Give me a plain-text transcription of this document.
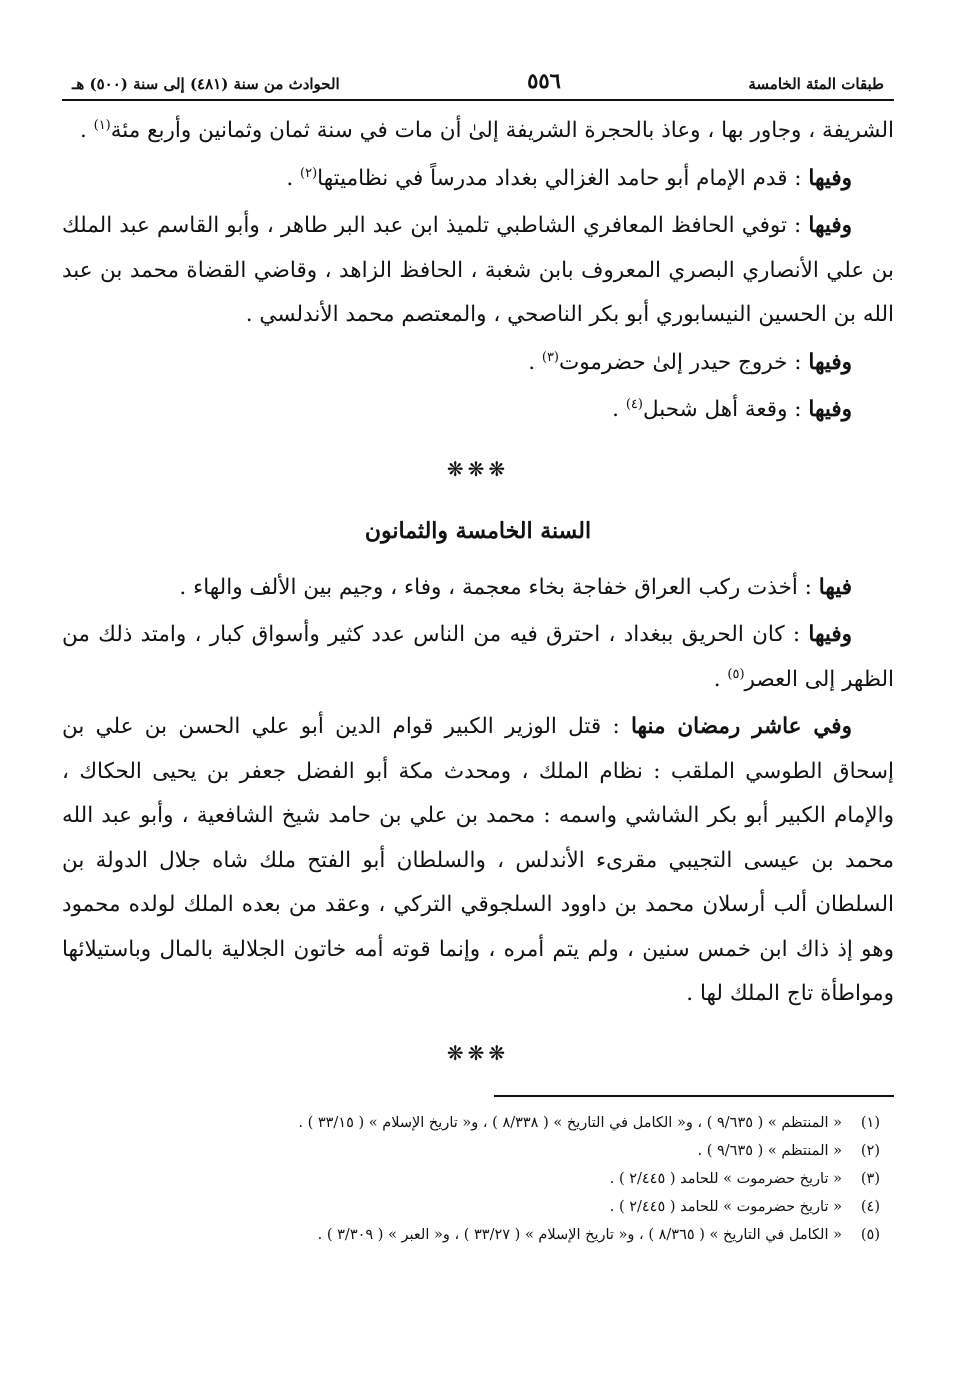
طبقات المئة الخامسة
٥٥٦
الحوادث من سنة (٤٨١) إلى سنة (٥٠٠) هـ

الشريفة ، وجاور بها ، وعاذ بالحجرة الشريفة إلىٰ أن مات في سنة ثمان وثمانين وأربع مئة$^{(١)}$ .

وفيها : قدم الإمام أبو حامد الغزالي بغداد مدرساً في نظاميتها$^{(٢)}$ .

وفيها : توفي الحافظ المعافري الشاطبي تلميذ ابن عبد البر طاهر ، وأبو القاسم عبد الملك بن علي الأنصاري البصري المعروف بابن شغبة ، الحافظ الزاهد ، وقاضي القضاة محمد بن عبد الله بن الحسين النيسابوري أبو بكر الناصحي ، والمعتصم محمد الأندلسي .

وفيها : خروج حيدر إلىٰ حضرموت$^{(٣)}$ .

وفيها : وقعة أهل شحبل$^{(٤)}$ .

❋❋❋
السنة الخامسة والثمانون

فيها : أخذت ركب العراق خفاجة بخاء معجمة ، وفاء ، وجيم بين الألف والهاء .

وفيها : كان الحريق ببغداد ، احترق فيه من الناس عدد كثير وأسواق كبار ، وامتد ذلك من الظهر إلى العصر$^{(٥)}$ .

وفي عاشر رمضان منها : قتل الوزير الكبير قوام الدين أبو علي الحسن بن علي بن إسحاق الطوسي الملقب : نظام الملك ، ومحدث مكة أبو الفضل جعفر بن يحيى الحكاك ، والإمام الكبير أبو بكر الشاشي واسمه : محمد بن علي بن حامد شيخ الشافعية ، وأبو عبد الله محمد بن عيسى التجيبي مقرىء الأندلس ، والسلطان أبو الفتح ملك شاه جلال الدولة بن السلطان ألب أرسلان محمد بن داوود السلجوقي التركي ، وعقد من بعده الملك لولده محمود وهو إذ ذاك ابن خمس سنين ، ولم يتم أمره ، وإنما قوته أمه خاتون الجلالية بالمال وباستيلائها ومواطأة تاج الملك لها .

❋❋❋
(١)
« المنتظم » ( ٩/٦٣٥ ) ، و« الكامل في التاريخ » ( ٨/٣٣٨ ) ، و« تاريخ الإسلام » ( ٣٣/١٥ ) .
(٢)
« المنتظم » ( ٩/٦٣٥ ) .
(٣)
« تاريخ حضرموت » للحامد ( ٢/٤٤٥ ) .
(٤)
« تاريخ حضرموت » للحامد ( ٢/٤٤٥ ) .
(٥)
« الكامل في التاريخ » ( ٨/٣٦٥ ) ، و« تاريخ الإسلام » ( ٣٣/٢٧ ) ، و« العبر » ( ٣/٣٠٩ ) .
